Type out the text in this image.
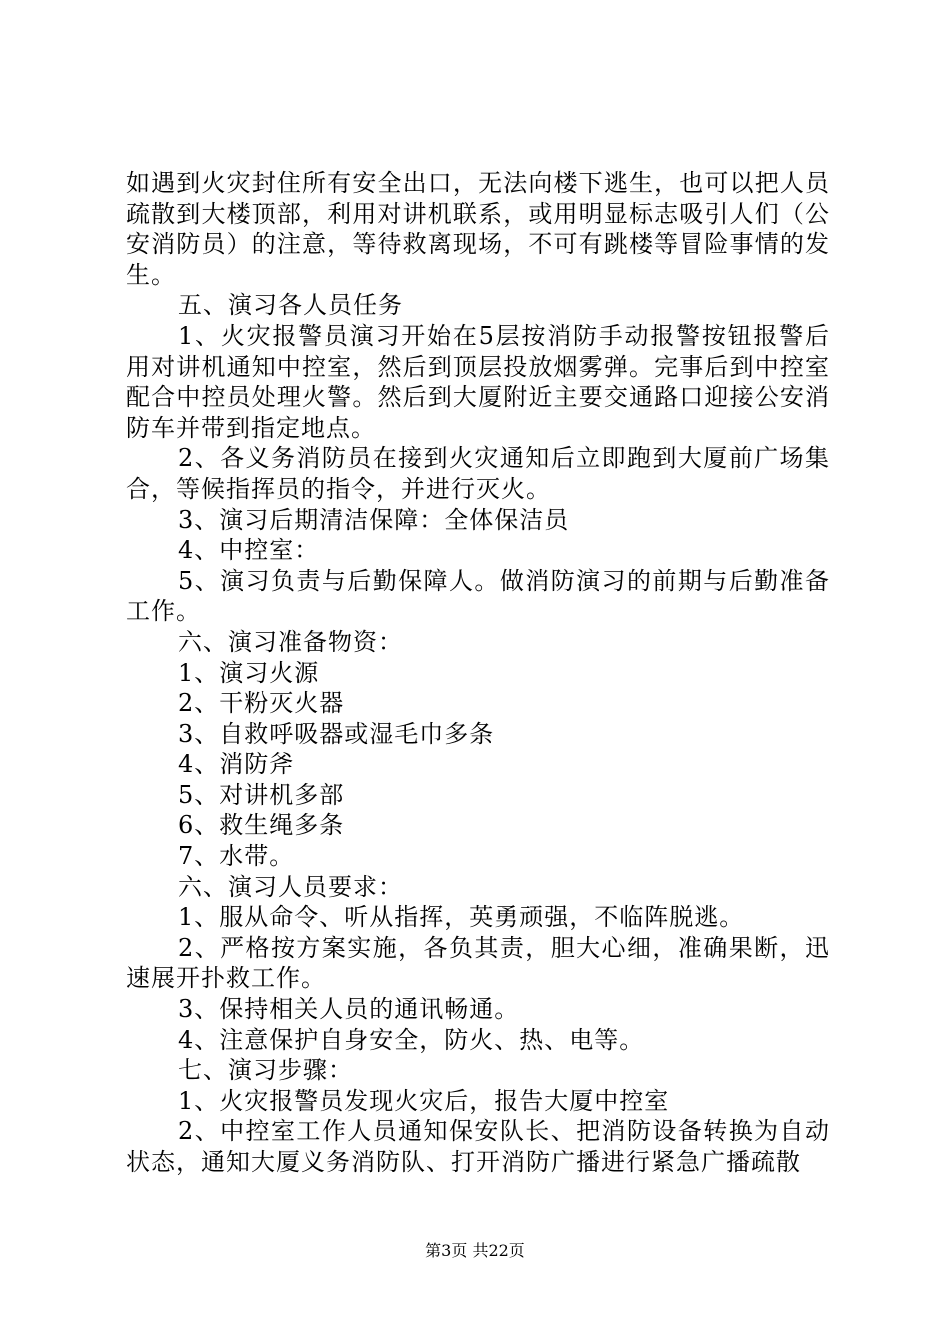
如遇到火灾封住所有安全出口，无法向楼下逃生，也可以把人员疏散到大楼顶部，利用对讲机联系，或用明显标志吸引人们（公安消防员）的注意，等待救离现场，不可有跳楼等冒险事情的发生。

五、演习各人员任务

1、火灾报警员演习开始在5层按消防手动报警按钮报警后用对讲机通知中控室，然后到顶层投放烟雾弹。完事后到中控室配合中控员处理火警。然后到大厦附近主要交通路口迎接公安消防车并带到指定地点。

2、各义务消防员在接到火灾通知后立即跑到大厦前广场集合，等候指挥员的指令，并进行灭火。

3、演习后期清洁保障：全体保洁员

4、中控室：

5、演习负责与后勤保障人。做消防演习的前期与后勤准备工作。

六、演习准备物资：

1、演习火源

2、干粉灭火器

3、自救呼吸器或湿毛巾多条

4、消防斧

5、对讲机多部

6、救生绳多条

7、水带。

六、演习人员要求：

1、服从命令、听从指挥，英勇顽强，不临阵脱逃。

2、严格按方案实施，各负其责，胆大心细，准确果断，迅速展开扑救工作。

3、保持相关人员的通讯畅通。

4、注意保护自身安全，防火、热、电等。

七、演习步骤：

1、火灾报警员发现火灾后，报告大厦中控室

2、中控室工作人员通知保安队长、把消防设备转换为自动状态，通知大厦义务消防队、打开消防广播进行紧急广播疏散

第3页 共22页
